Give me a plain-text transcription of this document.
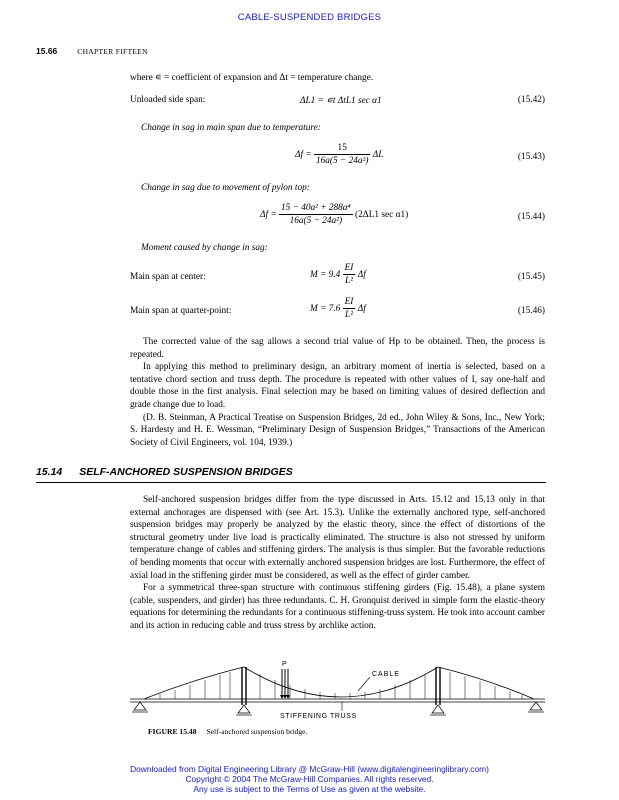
CABLE-SUSPENDED BRIDGES
15.66	CHAPTER FIFTEEN

where ∊ = coefficient of expansion and Δt = temperature change.

Unloaded side span:	ΔL1 = ∊t ΔtL1 sec α1	(15.42)
Change in sag in main span due to temperature:
$\Delta f = \frac{15}{\text{16a(5 − 24a²)}}$ ΔL	(15.43)
Change in sag due to movement of pylon top:
$\Delta f = \frac{\text{15 − 40a² + 288a⁴}}{\text{16a(5 − 24a²)}} (2\Delta L1$ sec α1)	(15.44)
Moment caused by change in sag:
Main span at center:	$M = 9.4 \frac{EI}{\text{L²}}$ Δf	(15.45)
Main span at quarter-point:	$M = 7.6 \frac{EI}{\text{L²}}$ Δf	(15.46)

The corrected value of the sag allows a second trial value of Hp to be obtained. Then, the process is repeated.

In applying this method to preliminary design, an arbitrary moment of inertia is selected, based on a tentative chord section and truss depth. The procedure is repeated with other values of I, say one-half and double those in the first analysis. Final selection may be based on limiting values of desired deflection and grade change due to load.

(D. B. Steinman, A Practical Treatise on Suspension Bridges, 2d ed., John Wiley & Sons, Inc., New York; S. Hardesty and H. E. Wessman, “Preliminary Design of Suspension Bridges,” Transactions of the American Society of Civil Engineers, vol. 104, 1939.)

15.14 SELF-ANCHORED SUSPENSION BRIDGES

Self-anchored suspension bridges differ from the type discussed in Arts. 15.12 and 15.13 only in that external anchorages are dispensed with (see Art. 15.3). Unlike the externally anchored type, self-anchored suspension bridges may properly be analyzed by the elastic theory, since the effect of distortions of the structural geometry under live load is practically eliminated. The structure is also not stressed by uniform temperature change of cables and stiffening girders. The analysis is thus simpler. But the favorable reductions of bending moments that occur with externally anchored suspension bridges are lost. Furthermore, the effect of axial load in the stiffening girder must be considered, as well as the effect of girder camber.

For a symmetrical three-span structure with continuous stiffening girders (Fig. 15.48), a plane system (cable, suspenders, and girder) has three redundants. C. H. Gronquist derived in simple form the elastic-theory equations for determining the redundants for a continuous stiffening-truss system. He took into account camber and its action in reducing cable and truss stress by archlike action.

P
CABLE
STIFFENING TRUSS
FIGURE 15.48 Self-anchored suspension bridge.
Downloaded from Digital Engineering Library @ McGraw-Hill (www.digitalengineeringlibrary.com)
Copyright © 2004 The McGraw-Hill Companies. All rights reserved.
Any use is subject to the Terms of Use as given at the website.
